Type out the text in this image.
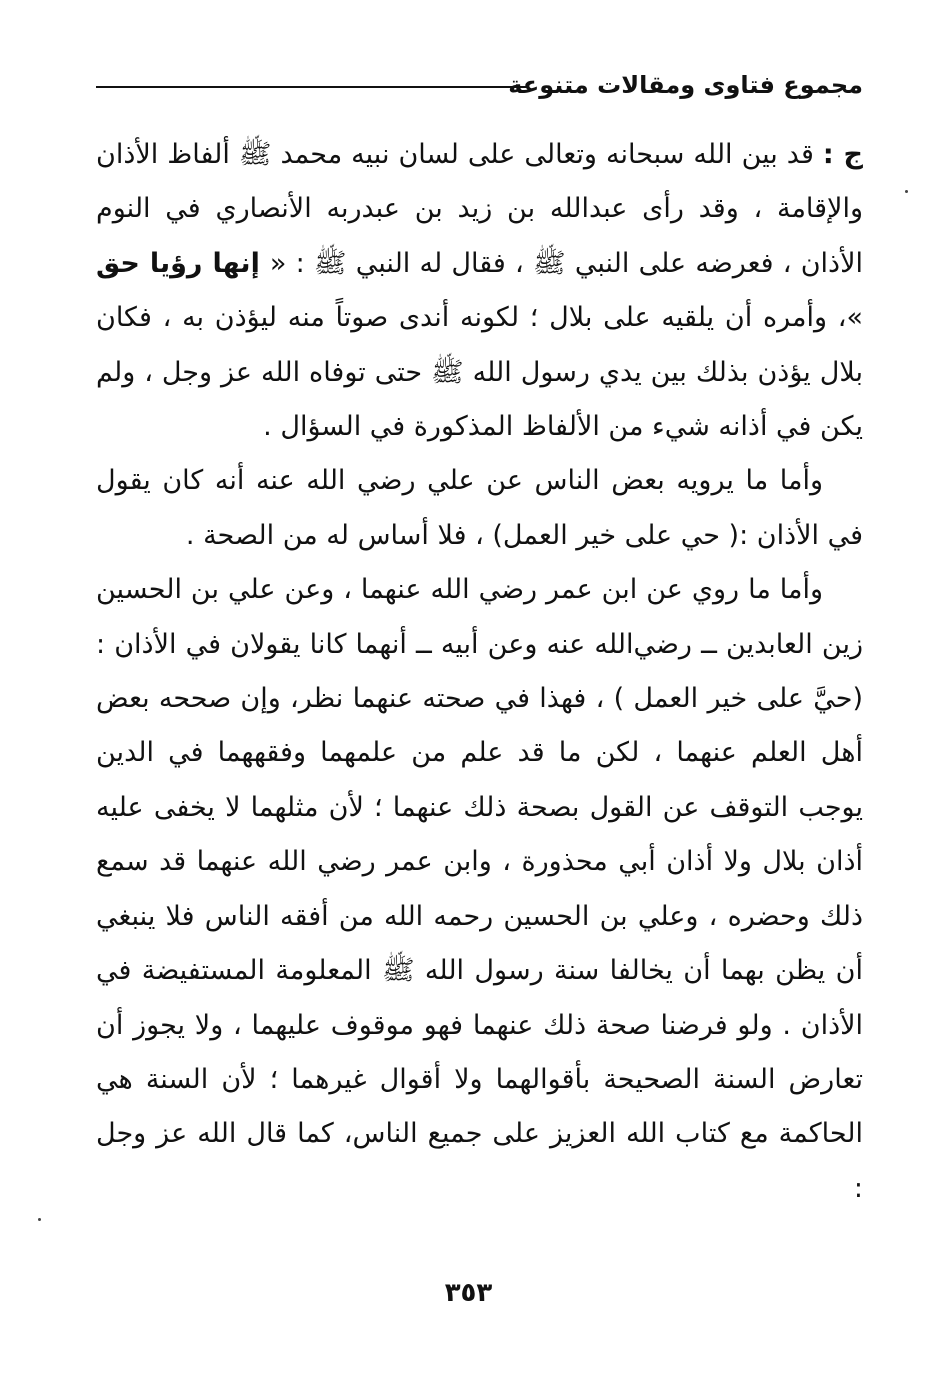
مجموع فتاوى ومقالات متنوعة

ج : قد بين الله سبحانه وتعالى على لسان نبيه محمد ﷺ ألفاظ الأذان والإقامة ، وقد رأى عبدالله بن زيد بن عبدربه الأنصاري في النوم الأذان ، فعرضه على النبي ﷺ ، فقال له النبي ﷺ : « إنها رؤيا حق »، وأمره أن يلقيه على بلال ؛ لكونه أندى صوتاً منه ليؤذن به ، فكان بلال يؤذن بذلك بين يدي رسول الله ﷺ حتى توفاه الله عز وجل ، ولم يكن في أذانه شيء من الألفاظ المذكورة في السؤال .

وأما ما يرويه بعض الناس عن علي رضي الله عنه أنه كان يقول في الأذان :( حي على خير العمل) ، فلا أساس له من الصحة .

وأما ما روي عن ابن عمر رضي الله عنهما ، وعن علي بن الحسين زين العابدين ــ رضي‌الله عنه وعن أبيه ــ أنهما كانا يقولان في الأذان : (حيَّ على خير العمل ) ، فهذا في صحته عنهما نظر، وإن صححه بعض أهل العلم عنهما ، لكن ما قد علم من علمهما وفقههما في الدين يوجب التوقف عن القول بصحة ذلك عنهما ؛ لأن مثلهما لا يخفى عليه أذان بلال ولا أذان أبي محذورة ، وابن عمر رضي الله عنهما قد سمع ذلك وحضره ، وعلي بن الحسين رحمه الله من أفقه الناس فلا ينبغي أن يظن بهما أن يخالفا سنة رسول الله ﷺ المعلومة المستفيضة في الأذان . ولو فرضنا صحة ذلك عنهما فهو موقوف عليهما ، ولا يجوز أن تعارض السنة الصحيحة بأقوالهما ولا أقوال غيرهما ؛ لأن السنة هي الحاكمة مع كتاب الله العزيز على جميع الناس، كما قال الله عز وجل :

٣٥٣
